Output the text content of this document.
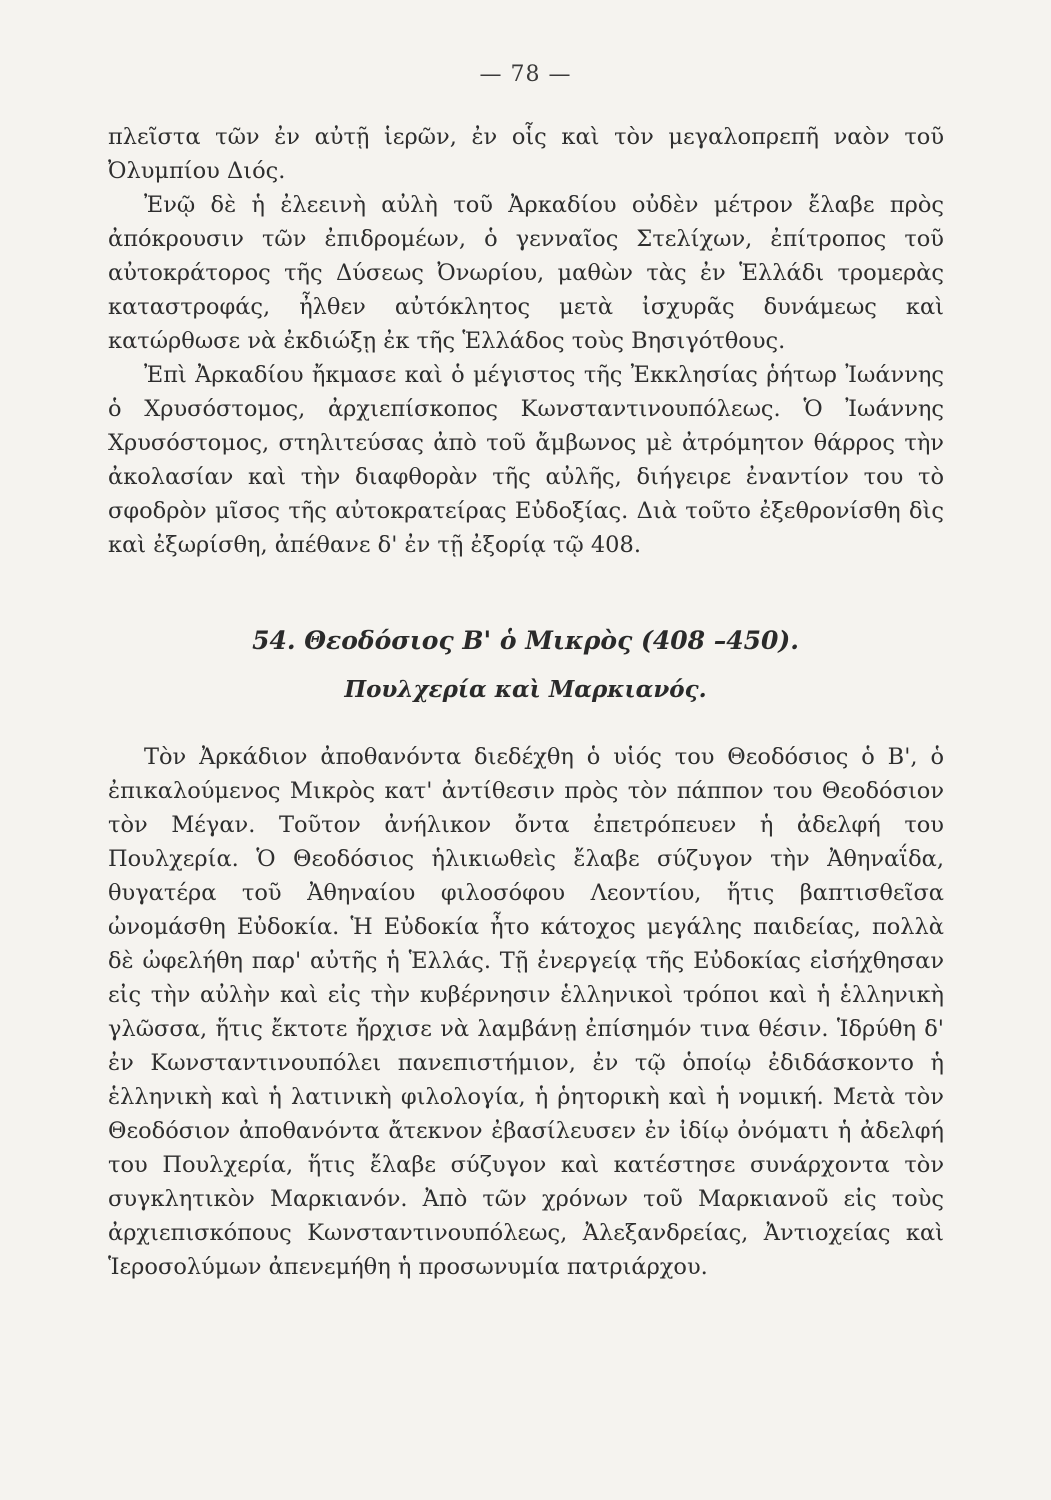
— 78 —

πλεῖστα τῶν ἐν αὐτῇ ἱερῶν, ἐν οἷς καὶ τὸν μεγαλοπρεπῆ ναὸν τοῦ Ὀλυμπίου Διός.

Ἐνῷ δὲ ἡ ἐλεεινὴ αὐλὴ τοῦ Ἀρκαδίου οὐδὲν μέτρον ἔλαβε πρὸς ἀπόκρουσιν τῶν ἐπιδρομέων, ὁ γενναῖος Στελίχων, ἐπίτροπος τοῦ αὐτοκράτορος τῆς Δύσεως Ὀνωρίου, μαθὼν τὰς ἐν Ἑλλάδι τρομερὰς καταστροφάς, ἦλθεν αὐτόκλητος μετὰ ἰσχυρᾶς δυνάμεως καὶ κατώρθωσε νὰ ἐκδιώξῃ ἐκ τῆς Ἑλλάδος τοὺς Βησιγότθους.

Ἐπὶ Ἀρκαδίου ἤκμασε καὶ ὁ μέγιστος τῆς Ἐκκλησίας ῥήτωρ Ἰωάννης ὁ Χρυσόστομος, ἀρχιεπίσκοπος Κωνσταντινουπόλεως. Ὁ Ἰωάννης Χρυσόστομος, στηλιτεύσας ἀπὸ τοῦ ἄμβωνος μὲ ἀτρόμητον θάρρος τὴν ἀκολασίαν καὶ τὴν διαφθορὰν τῆς αὐλῆς, διήγειρε ἐναντίον του τὸ σφοδρὸν μῖσος τῆς αὐτοκρατείρας Εὐδοξίας. Διὰ τοῦτο ἐξεθρονίσθη δὶς καὶ ἐξωρίσθη, ἀπέθανε δ' ἐν τῇ ἐξορίᾳ τῷ 408.

54. Θεοδόσιος Β' ὁ Μικρὸς (408 –450).
Πουλχερία καὶ Μαρκιανός.

Τὸν Ἀρκάδιον ἀποθανόντα διεδέχθη ὁ υἱός του Θεοδόσιος ὁ Β', ὁ ἐπικαλούμενος Μικρὸς κατ' ἀντίθεσιν πρὸς τὸν πάππον του Θεοδόσιον τὸν Μέγαν. Τοῦτον ἀνήλικον ὄντα ἐπετρόπευεν ἡ ἀδελφή του Πουλχερία. Ὁ Θεοδόσιος ἡλικιωθεὶς ἔλαβε σύζυγον τὴν Ἀθηναΐδα, θυγατέρα τοῦ Ἀθηναίου φιλοσόφου Λεοντίου, ἥτις βαπτισθεῖσα ὠνομάσθη Εὐδοκία. Ἡ Εὐδοκία ἦτο κάτοχος μεγάλης παιδείας, πολλὰ δὲ ὠφελήθη παρ' αὐτῆς ἡ Ἑλλάς. Τῇ ἐνεργείᾳ τῆς Εὐδοκίας εἰσήχθησαν εἰς τὴν αὐλὴν καὶ εἰς τὴν κυβέρνησιν ἑλληνικοὶ τρόποι καὶ ἡ ἑλληνικὴ γλῶσσα, ἥτις ἔκτοτε ἤρχισε νὰ λαμβάνῃ ἐπίσημόν τινα θέσιν. Ἱδρύθη δ' ἐν Κωνσταντινουπόλει πανεπιστήμιον, ἐν τῷ ὁποίῳ ἐδιδάσκοντο ἡ ἑλληνικὴ καὶ ἡ λατινικὴ φιλολογία, ἡ ῥητορικὴ καὶ ἡ νομική. Μετὰ τὸν Θεοδόσιον ἀποθανόντα ἄτεκνον ἐβασίλευσεν ἐν ἰδίῳ ὀνόματι ἡ ἀδελφή του Πουλχερία, ἥτις ἔλαβε σύζυγον καὶ κατέστησε συνάρχοντα τὸν συγκλητικὸν Μαρκιανόν. Ἀπὸ τῶν χρόνων τοῦ Μαρκιανοῦ εἰς τοὺς ἀρχιεπισκόπους Κωνσταντινουπόλεως, Ἀλεξανδρείας, Ἀντιοχείας καὶ Ἱεροσολύμων ἀπενεμήθη ἡ προσωνυμία πατριάρχου.
